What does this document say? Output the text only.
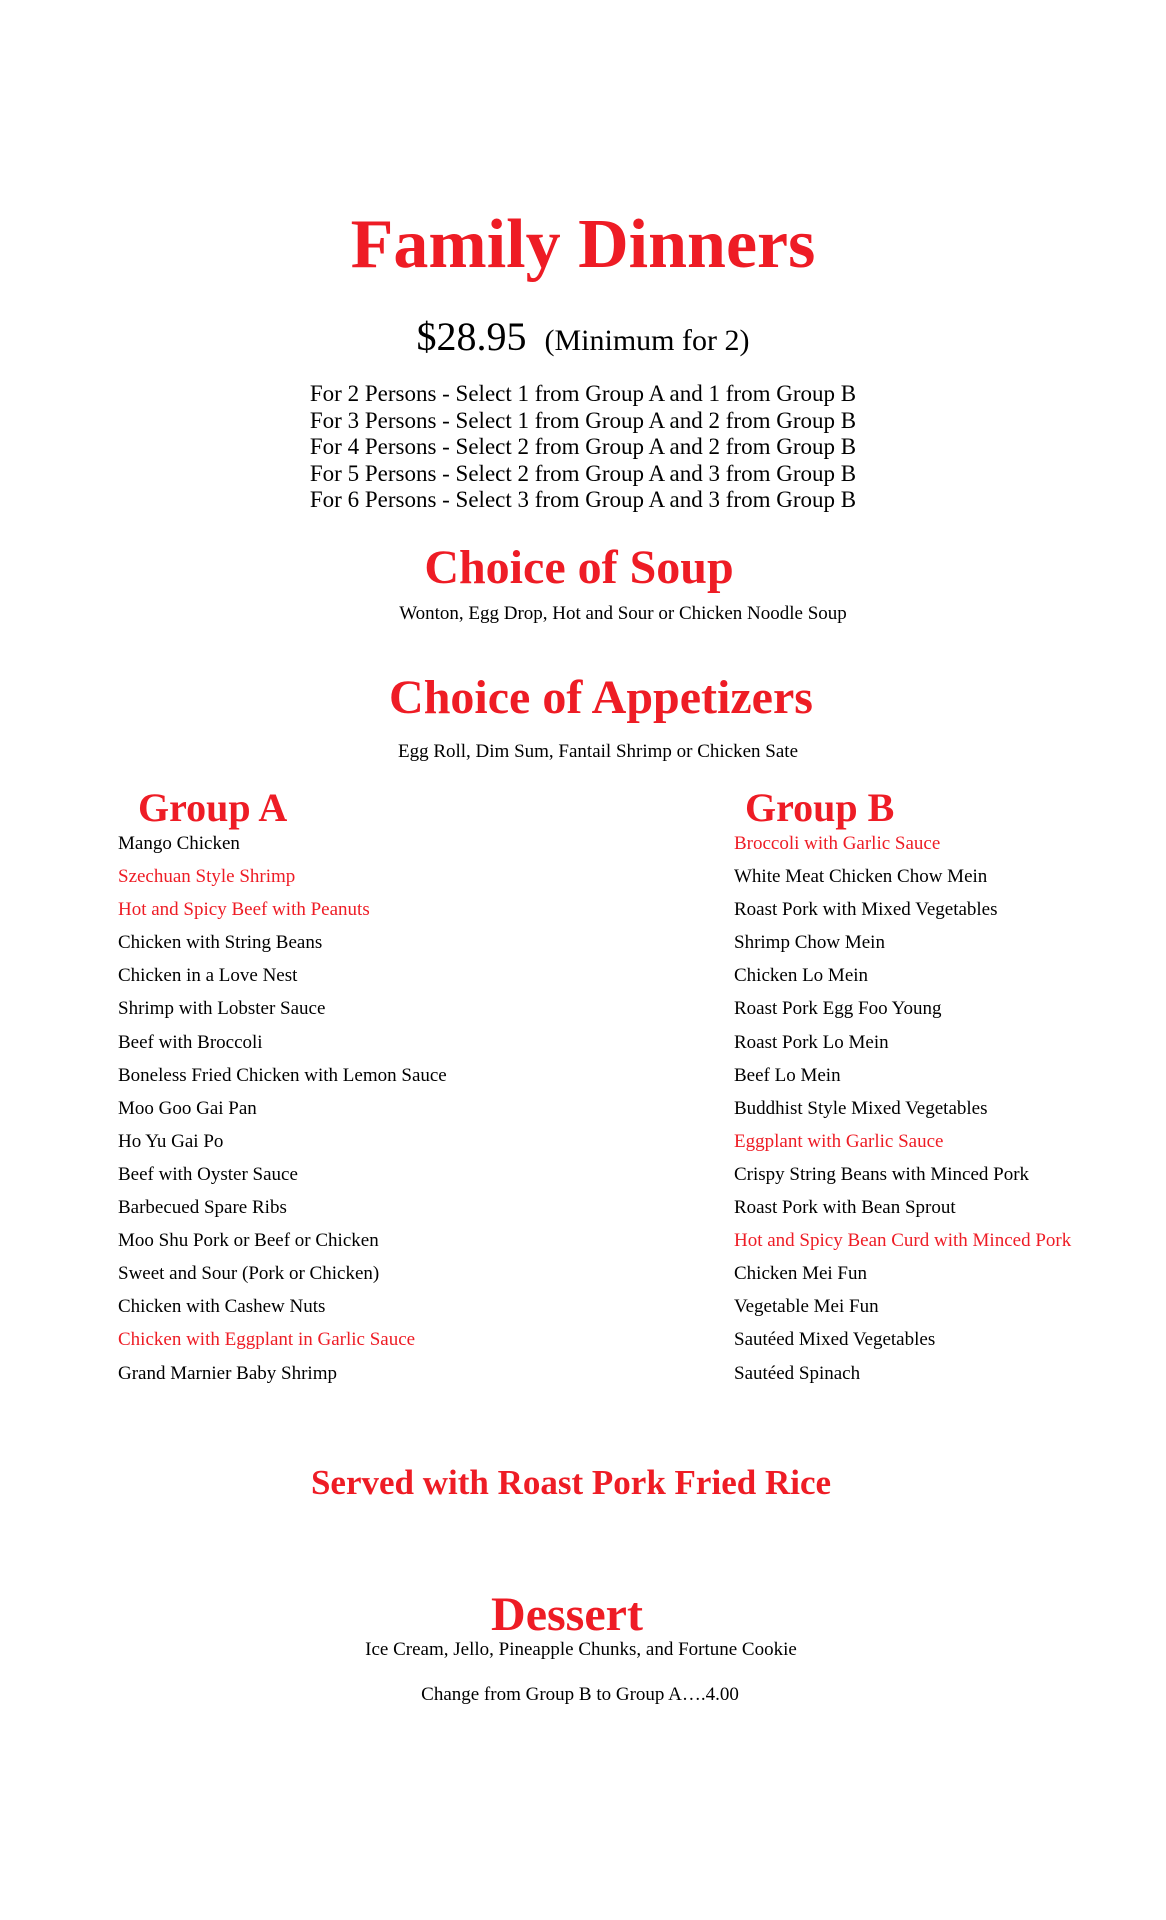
Family Dinners
$28.95 (Minimum for 2)
For 2 Persons - Select 1 from Group A and 1 from Group B
For 3 Persons - Select 1 from Group A and 2 from Group B
For 4 Persons - Select 2 from Group A and 2 from Group B
For 5 Persons - Select 2 from Group A and 3 from Group B
For 6 Persons - Select 3 from Group A and 3 from Group B
Choice of Soup
Wonton, Egg Drop, Hot and Sour or Chicken Noodle Soup
Choice of Appetizers
Egg Roll, Dim Sum, Fantail Shrimp or Chicken Sate
Group A
Mango Chicken
Szechuan Style Shrimp
Hot and Spicy Beef with Peanuts
Chicken with String Beans
Chicken in a Love Nest
Shrimp with Lobster Sauce
Beef with Broccoli
Boneless Fried Chicken with Lemon Sauce
Moo Goo Gai Pan
Ho Yu Gai Po
Beef with Oyster Sauce
Barbecued Spare Ribs
Moo Shu Pork or Beef or Chicken
Sweet and Sour (Pork or Chicken)
Chicken with Cashew Nuts
Chicken with Eggplant in Garlic Sauce
Grand Marnier Baby Shrimp
Group B
Broccoli with Garlic Sauce
White Meat Chicken Chow Mein
Roast Pork with Mixed Vegetables
Shrimp Chow Mein
Chicken Lo Mein
Roast Pork Egg Foo Young
Roast Pork Lo Mein
Beef Lo Mein
Buddhist Style Mixed Vegetables
Eggplant with Garlic Sauce
Crispy String Beans with Minced Pork
Roast Pork with Bean Sprout
Hot and Spicy Bean Curd with Minced Pork
Chicken Mei Fun
Vegetable Mei Fun
Sautéed Mixed Vegetables
Sautéed Spinach
Served with Roast Pork Fried Rice
Dessert
Ice Cream, Jello, Pineapple Chunks, and Fortune Cookie
Change from Group B to Group A….4.00
